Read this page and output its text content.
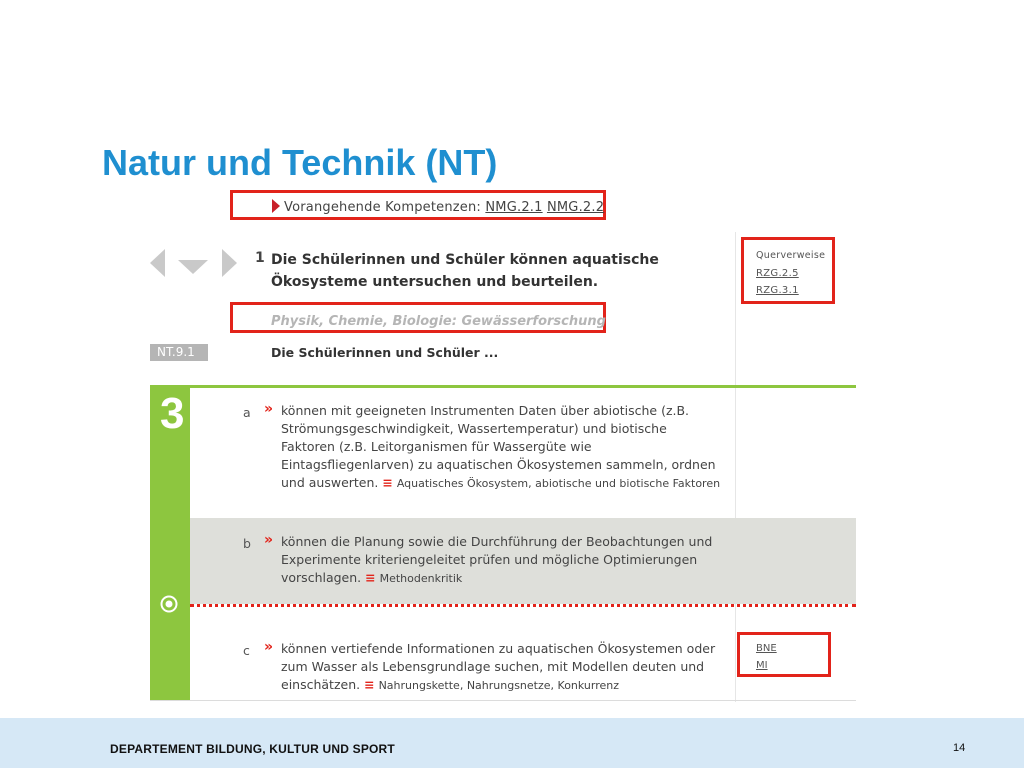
Natur und Technik (NT)
Vorangehende Kompetenzen: NMG.2.1 NMG.2.2
1 Die Schülerinnen und Schüler können aquatische Ökosysteme untersuchen und beurteilen.
Querverweise
RZG.2.5
RZG.3.1
Physik, Chemie, Biologie: Gewässerforschung
NT.9.1	Die Schülerinnen und Schüler ...
3	a » können mit geeigneten Instrumenten Daten über abiotische (z.B. Strömungsgeschwindigkeit, Wassertemperatur) und biotische Faktoren (z.B. Leitorganismen für Wassergüte wie Eintagsfliegenlarven) zu aquatischen Ökosystemen sammeln, ordnen und auswerten. ≡ Aquatisches Ökosystem, abiotische und biotische Faktoren
b » können die Planung sowie die Durchführung der Beobachtungen und Experimente kriteriengeleitet prüfen und mögliche Optimierungen vorschlagen. ≡ Methodenkritik
c » können vertiefende Informationen zu aquatischen Ökosystemen oder zum Wasser als Lebensgrundlage suchen, mit Modellen deuten und einschätzen. ≡ Nahrungskette, Nahrungsnetze, Konkurrenz
BNE
MI
DEPARTEMENT BILDUNG, KULTUR UND SPORT	14
